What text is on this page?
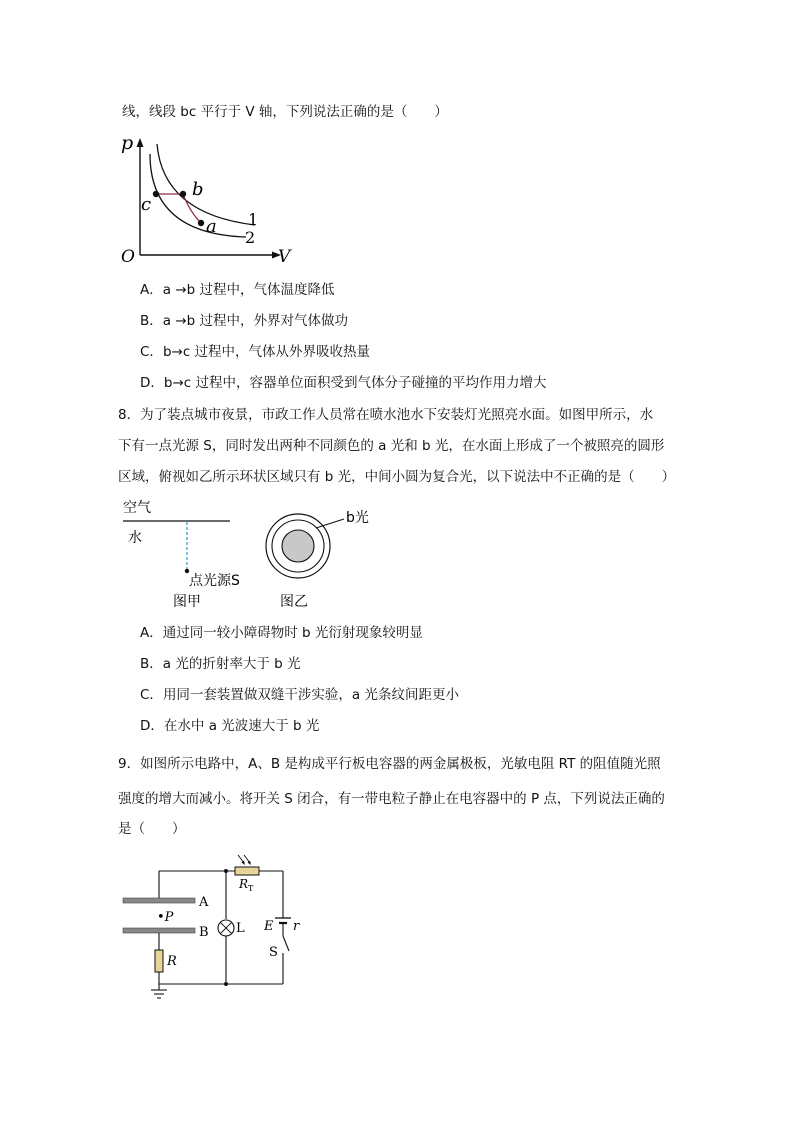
线，线段 bc 平行于 V 轴，下列说法正确的是（　　）
p
V
O
c
b
a 1
2
A．a →b 过程中，气体温度降低
B．a →b 过程中，外界对气体做功
C．b→c 过程中，气体从外界吸收热量
D．b→c 过程中，容器单位面积受到气体分子碰撞的平均作用力增大
8．为了装点城市夜景，市政工作人员常在喷水池水下安装灯光照亮水面。如图甲所示，水
下有一点光源 S，同时发出两种不同颜色的 a 光和 b 光，在水面上形成了一个被照亮的圆形
区域，俯视如乙所示环状区域只有 b 光，中间小圆为复合光，以下说法中不正确的是（　　）
空气
水
点光源S
图甲
b光
图乙
A．通过同一较小障碍物时 b 光衍射现象较明显
B．a 光的折射率大于 b 光
C．用同一套装置做双缝干涉实验，a 光条纹间距更小
D．在水中 a 光波速大于 b 光
9．如图所示电路中，A、B 是构成平行板电容器的两金属极板，光敏电阻 RT 的阻值随光照
强度的增大而减小。将开关 S 闭合，有一带电粒子静止在电容器中的 P 点，下列说法正确的
是（　　）
A
B
•P
R
L
$R_T$
E r
S
